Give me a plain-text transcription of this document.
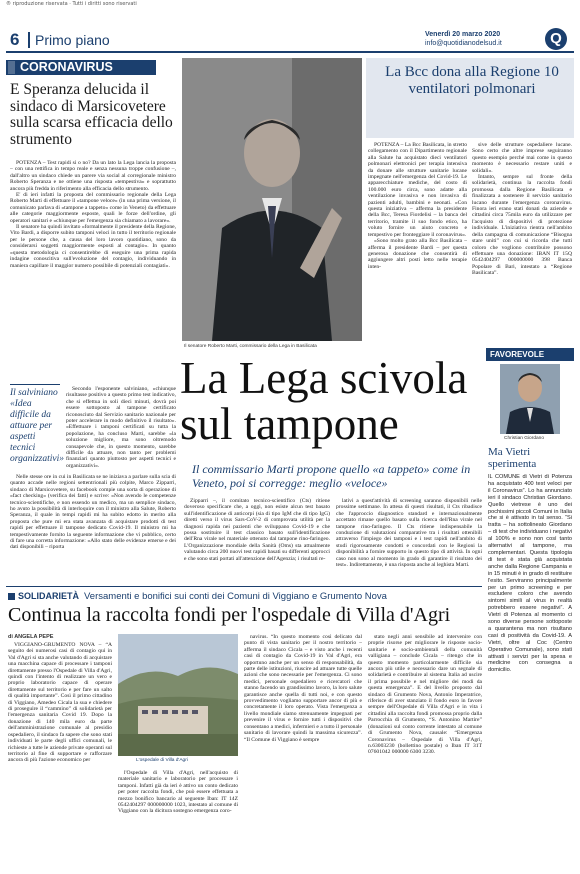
® riproduzione riservata · Tutti i diritti sono riservati
6 Primo piano	Venerdì 20 marzo 2020
info@quotidianodelsud.it	Q
CORONAVIRUS
E Speranza delucida il sindaco di Marsicovetere sulla scarsa efficacia dello strumento

POTENZA – Test rapidi sì o no? Da un lato la Lega lancia la proposta – con una rettifica in tempo reale e senza nessuna troppe confusione –, dall'altro un sindaco chiede un parere via social al corregionale ministro Roberto Speranza e ne ottiene una risposta «tempestiva» e soprattutto ancora più fredda in riferimento alla efficacia dello strumento.

E' di ieri infatti la proposta del commissario regionale della Lega Roberto Marti di effettuare il «tampone veloce» (in una prima versione, il comunicato parlava di «tampone a tappeto» come in Veneto) da effettuare alle categorie maggiormente esposte, quali le forze dell'ordine, gli operatori sanitari e «chiunque per l'emergenza sia chiamato a lavorare».

Il senatore ha quindi invitato «formalmente il presidente della Regione, Vito Bardi, a disporre subito tamponi veloci in tutto il territorio regionale per le persone che, a causa del loro lavoro quotidiano, sono da considerarsi soggetti maggiormente esposti al contagio». In quanto «questa metodologia ci consentirebbe di eseguire una prima rapida indagine conoscitiva sull'evoluzione del contagio, individuando in maniera capillare il maggior numero possibile di potenziali contagiati».

Il salviniano «Idea difficile da attuare per aspetti tecnici organizzativi»

Secondo l'esponente salviniano, «chiunque risultasse positivo a questo primo test indicativo, che si effettua in soli dieci minuti, dovrà poi essere sottoposto al tampone certificato riconosciuto dal Servizio sanitario nazionale per poter accelerare in modo definitivo il risultato». «Effettuare i tamponi certificati su tutta la popolazione, ha concluso Marti, sarebbe «la soluzione migliore, ma sono oltremodo consapevole che, in questo momento, sarebbe difficile da attuare, non tanto per problemi finanziari quanto piuttosto per aspetti tecnici e organizzativi».

Nelle stesse ore in cui in Basilicata se ne iniziava a parlare sulla scia di quanto accade nelle regioni settentrionali più colpite, Marco Zipparri, sindaco di Marsicovetere, su facebook compie una sorta di operazione di «fact checking» (verifica dei fatti) e scrive: «Non avendo le competenze tecnico-scientifiche, e non essendo un medico, ma un semplice sindaco, ho avuto la possibilità di interloquire con il ministro alla Salute, Roberto Speranza, il quale in tempi rapidi mi ha subito edotto in merito alla proposta che pure mi era stata avanzata di acquistare prodotti di test rapidi per effettuare il tampone dedicato Covid-19. Il ministro mi ha tempestivamente fornito la seguente informazione che vi pubblico, certo di fare una corretta informazione: «Allo stato delle evidenze emerse e dei dati disponibili – riporta

Il senatore Roberto Marti, commissario della Lega in Basilicata
La Bcc dona alla Regione 10 ventilatori polmonari

POTENZA – La Bcc Basilicata, in stretto collegamento con il Dipartimento regionale alla Salute ha acquistato dieci ventilatori polmonari elettronici per terapia intensiva da donare alle strutture sanitarie lucane impegnate nell'emergenza del Covid-19. Le apparecchiature mediche, del costo di 100.000 euro circa, sono adatte alla ventilazione invasiva e non invasiva di pazienti adulti, bambini e neonati. «Con questa iniziativa – afferma la presidente della Bcc, Teresa Fiordelisi – la banca del territorio, tramite il suo fondo etico, ha voluto fornire un aiuto concreto e tempestivo per fronteggiare il coronavirus».

«Sono molto grato alla Bcc Basilicata – afferma il presidente Bardi – per questa generosa donazione che consentirà di aggiungere altri posti letto nelle terapie inten-

sive delle strutture ospedaliere lucane. Sono certo che altre imprese seguiranno questo esempio perché mai come in questo momento è necessario restare uniti e solidali».

Intanto, sempre sul fronte della solidarietà, continua la raccolta fondi promossa dalla Regione Basilicata e finalizzata a sostenere il servizio sanitario lucano durante l'emergenza coronavirus. Finora ieri erano stati donati da aziende e cittadini circa 75mila euro da utilizzare per l'acquisto di dispositivi di protezione individuale. L'iniziativa rientra nell'ambito della campagna di comunicazione “Bisogna stare uniti” con cui si ricorda che tutti coloro che vogliono contribuire possono effettuare una donazione: IBAN IT 15Q 0542404297 000000000 398 Banca Popolare di Bari, intestato a “Regione Basilicata”.

La Lega scivola sul tampone
Il commissario Marti propone quello «a tappeto» come in Veneto, poi si corregge: meglio «veloce»

Zipparri –, il comitato tecnico-scientifico (Cts) ritiene doveroso specificare che, a oggi, non esiste alcun test basato sull'identificazione di anticorpi (sia di tipo IgM che di tipo IgG) diretti verso il virus Sars-CoV-2 di comprovata utilità per la diagnosi rapida nei pazienti che sviluppano Covid-19 e che possa sostituire il test classico basato sull'identificazione dell'Rna virale nel materiale ottenuto dal tampone rino-faringeo. L'Organizzazione mondiale della Sanità (Oms) sta attualmente valutando circa 200 nuovi test rapidi basati su differenti approcci e che sono stati portati all'attenzione dell'Agenzia; i risultati re-

lativi a quest'attività di screening saranno disponibili nelle prossime settimane. In attesa di questi risultati, il Cts ribadisce che l'approccio diagnostico standard e internazionalmente accettato rimane quello basato sulla ricerca dell'Rna virale nel tampone rino-faringeo. Il Cts ritiene indispensabile la conduzione di valutazioni comparative tra i risultati ottenibili attraverso l'impiego dei tamponi e i test rapidi nell'ambito di studi rigorosamente condotti e concordati con le Regioni la disponibilità a fornire supporto in questo tipo di attività. In ogni caso non sono al momento in grado di garantire il risultato dei test». Indirettamente, è una risposta anche al leghista Marti.

FAVOREVOLE
Christian Giordano
Ma Vietri sperimenta
IL COMUNE di Vietri di Potenza ha acquistato 400 test veloci per il Coronavirus”. Lo ha annunciato ieri il sindaco Christian Giordano. Quello vietrese è uno dei pochissimi piccoli Comuni in Italia che si è attivato in tal senso. “Si tratta – ha sottolineato Giordano – di test che individuano i negativi al 100% e sono non così tanto alternativi al tampone, ma complementari. Questa tipologia di test è stata già acquistata anche dalla Regione Campania e in 15 minuti è in grado di restituire l'esito. Serviranno principalmente per un primo screening e per escludere coloro che avendo sintomi simili al virus in realtà potrebbero essere negativi”. A Vietri di Potenza al momento ci sono diverse persone sottoposte a quarantena ma non risultano casi di positività da Covid-19. A Vietri, oltre al Coc (Centro Operativo Comunale), sono stati attivati i servizi per la spesa e medicine con consegna a domicilio.
SOLIDARIETÀ Versamenti e bonifici sui conti dei Comuni di Viggiano e Grumento Nova
Continua la raccolta fondi per l'ospedale di Villa d'Agri
di ANGELA PEPE

VIGGIANO-GRUMENTO NOVA – “A seguito dei numerosi casi di contagio qui in Val d'Agri si sta anche valutando di acquistare una macchina capace di processare i tamponi direttamente presso l'Ospedale di Villa d'Agri, quindi con l'intento di realizzare un vero e proprio laboratorio capace di operare direttamente sul territorio e per fare un salto di qualità importante”. Così il primo cittadino di Viggiano, Amedeo Cicala la sua e chiedere di proseguire il “cammino” di solidarietà per l'emergenza sanitaria Covid 19. Dopo la donazione di 140 mila euro da parte dell'amministrazione comunale al presidio ospedaliero, il sindaco fa sapere che sono stati individuati le parte degli uffici comunali, le richieste a tutte le aziende private operanti sul territorio al fine di supportare e rafforzare ancora di più l'azione economico per	L'ospedale di Villa d'Agri

l'Ospedale di Villa d'Agri, nell'acquisto di materiale sanitario e laboratorio per processare i tamponi. Infatti già da ieri è attivo un conto dedicato per poter raccolta fondi, che può essere effettuata a mezzo bonifico bancario al seguente Iban: IT 14Z 0542404297 000000000 1023, intestato al comune di Viggiano con la dicitura sostegno emergenza coro-

navirus. “In questo momento così delicato dal punto di vista sanitario per il nostro territorio – afferma il sindaco Cicala – e visto anche i recenti casi di contagio da Covid-19 in Val d'Agri, era opportuno anche per un senso di responsabilità, da parte delle istituzioni, riuscire ad attuare tutte quelle azioni che sono necessarie per l'emergenza. Ci sono medici, personale ospedaliero e ricercatori che stanno facendo un grandissimo lavoro, la loro salute garantisce anche quella di tutti noi, e con questo provvedimento vogliamo supportare ancor di più e concretamente il loro operato. Vista l'emergenza a livello mondiale siamo strenuamente impegnati per prevenire il virus e fornire tutti i dispositivi che consentano a medici, infermieri e a tutto il personale sanitario di lavorare quindi la massima sicurezza”. “Il Comune di Viggiano è sempre

stato negli anni sensibile ad intervenire con proprie risorse per migliorare le risposte socio-sanitarie e socio-ambientali della comunità valligiana – conclude Cicala – ritengo che in questo momento particolarmente difficile sia ancora più utile e necessario dare un segnale di solidarietà e contribuire al sistema Italia ad uscire il prima possibile e nel migliore dei modi da questa emergenza”. E del livello proposto dal sindaco di Grumento Nova, Antonio Imperatrice, riferisce di aver stanziato il fondo euro in favore sempre dell'Ospedale di Villa d'Agri e in vita i cittadini alla raccolta fondi promossa proprio dalla Parrocchia di Grumento, “S. Antonino Martire” (donazioni sul conto corrente intestato al comune di Grumento Nova, causale: “Emergenza Coronavirus – Ospedale di Villa d'Agri, n.63003230 (bollettino postale) o Iban IT 31T 07601042 000000 6300 3230.
